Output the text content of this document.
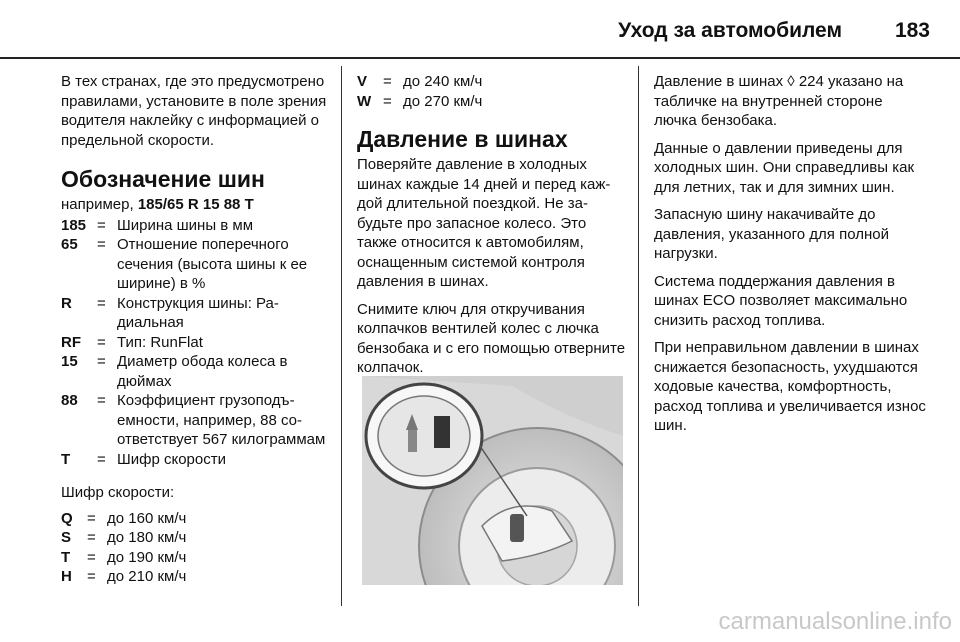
Уход за автомобилем	183

В тех странах, где это предусмотрено правилами, установите в поле зрения водителя наклейку с информацией о предельной скорости.

Обозначение шин

например, 185/65 R 15 88 T

185 = Ширина шины в мм
65	= Отношение поперечного сечения (высота шины к ее ширине) в %
R	= Конструкция шины: Радиальная
RF	= Тип: RunFlat
15	= Диаметр обода колеса в дюймах
88	= Коэффициент грузоподъемности, например, 88 соответствует 567 килограммам
T	= Шифр скорости

Шифр скорости:

Q = до 160 км/ч
S	= до 180 км/ч
T	= до 190 км/ч
H	= до 210 км/ч
V	= до 240 км/ч
W = до 270 км/ч
Давление в шинах

Поверяйте давление в холодных шинах каждые 14 дней и перед каждой длительной поездкой. Не забудьте про запасное колесо. Это также относится к автомобилям, оснащенным системой контроля давления в шинах.

Снимите ключ для откручивания колпачков вентилей колес с лючка бензобака и с его помощью отверните колпачок.

Давление в шинах ◊ 224 указано на табличке на внутренней стороне лючка бензобака.

Данные о давлении приведены для холодных шин. Они справедливы как для летних, так и для зимних шин.

Запасную шину накачивайте до давления, указанного для полной нагрузки.

Система поддержания давления в шинах ECO позволяет максимально снизить расход топлива.

При неправильном давлении в шинах снижается безопасность, ухудшаются ходовые качества, комфортность, расход топлива и увеличивается износ шин.

carmanualsonline.info
